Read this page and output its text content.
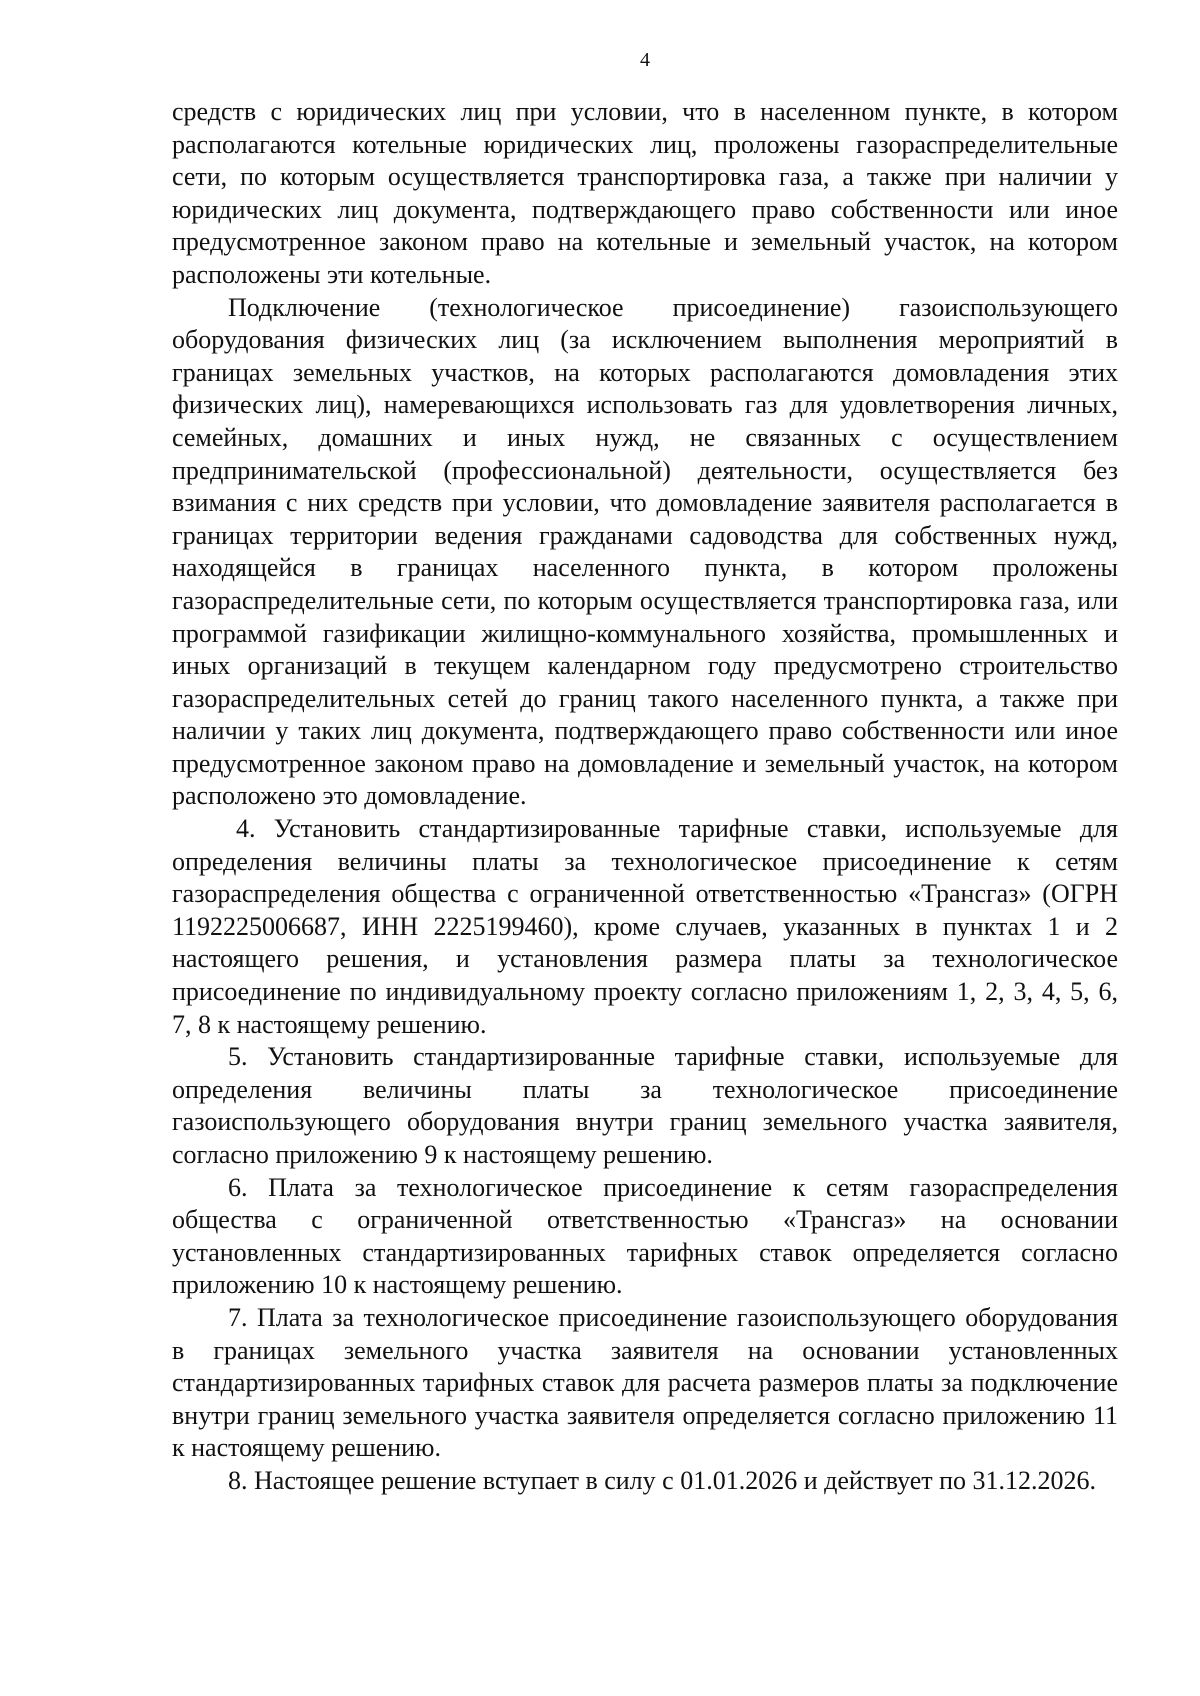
4

средств с юридических лиц при условии, что в населенном пункте, в котором располагаются котельные юридических лиц, проложены газораспределительные сети, по которым осуществляется транспортировка газа, а также при наличии у юридических лиц документа, подтверждающего право собственности или иное предусмотренное законом право на котельные и земельный участок, на котором расположены эти котельные.

Подключение (технологическое присоединение) газоиспользующего оборудования физических лиц (за исключением выполнения мероприятий в границах земельных участков, на которых располагаются домовладения этих физических лиц), намеревающихся использовать газ для удовлетворения личных, семейных, домашних и иных нужд, не связанных с осуществлением предпринимательской (профессиональной) деятельности, осуществляется без взимания с них средств при условии, что домовладение заявителя располагается в границах территории ведения гражданами садоводства для собственных нужд, находящейся в границах населенного пункта, в котором проложены газораспределительные сети, по которым осуществляется транспортировка газа, или программой газификации жилищно-коммунального хозяйства, промышленных и иных организаций в текущем календарном году предусмотрено строительство газораспределительных сетей до границ такого населенного пункта, а также при наличии у таких лиц документа, подтверждающего право собственности или иное предусмотренное законом право на домовладение и земельный участок, на котором расположено это домовладение.

4. Установить стандартизированные тарифные ставки, используемые для определения величины платы за технологическое присоединение к сетям газораспределения общества с ограниченной ответственностью «Трансгаз» (ОГРН 1192225006687, ИНН 2225199460), кроме случаев, указанных в пунктах 1 и 2 настоящего решения, и установления размера платы за технологическое присоединение по индивидуальному проекту согласно приложениям 1, 2, 3, 4, 5, 6, 7, 8 к настоящему решению.

5. Установить стандартизированные тарифные ставки, используемые для определения величины платы за технологическое присоединение газоиспользующего оборудования внутри границ земельного участка заявителя, согласно приложению 9 к настоящему решению.

6. Плата за технологическое присоединение к сетям газораспределения общества с ограниченной ответственностью «Трансгаз» на основании установленных стандартизированных тарифных ставок определяется согласно приложению 10 к настоящему решению.

7. Плата за технологическое присоединение газоиспользующего оборудования в границах земельного участка заявителя на основании установленных стандартизированных тарифных ставок для расчета размеров платы за подключение внутри границ земельного участка заявителя определяется согласно приложению 11 к настоящему решению.

8. Настоящее решение вступает в силу с 01.01.2026 и действует по 31.12.2026.
